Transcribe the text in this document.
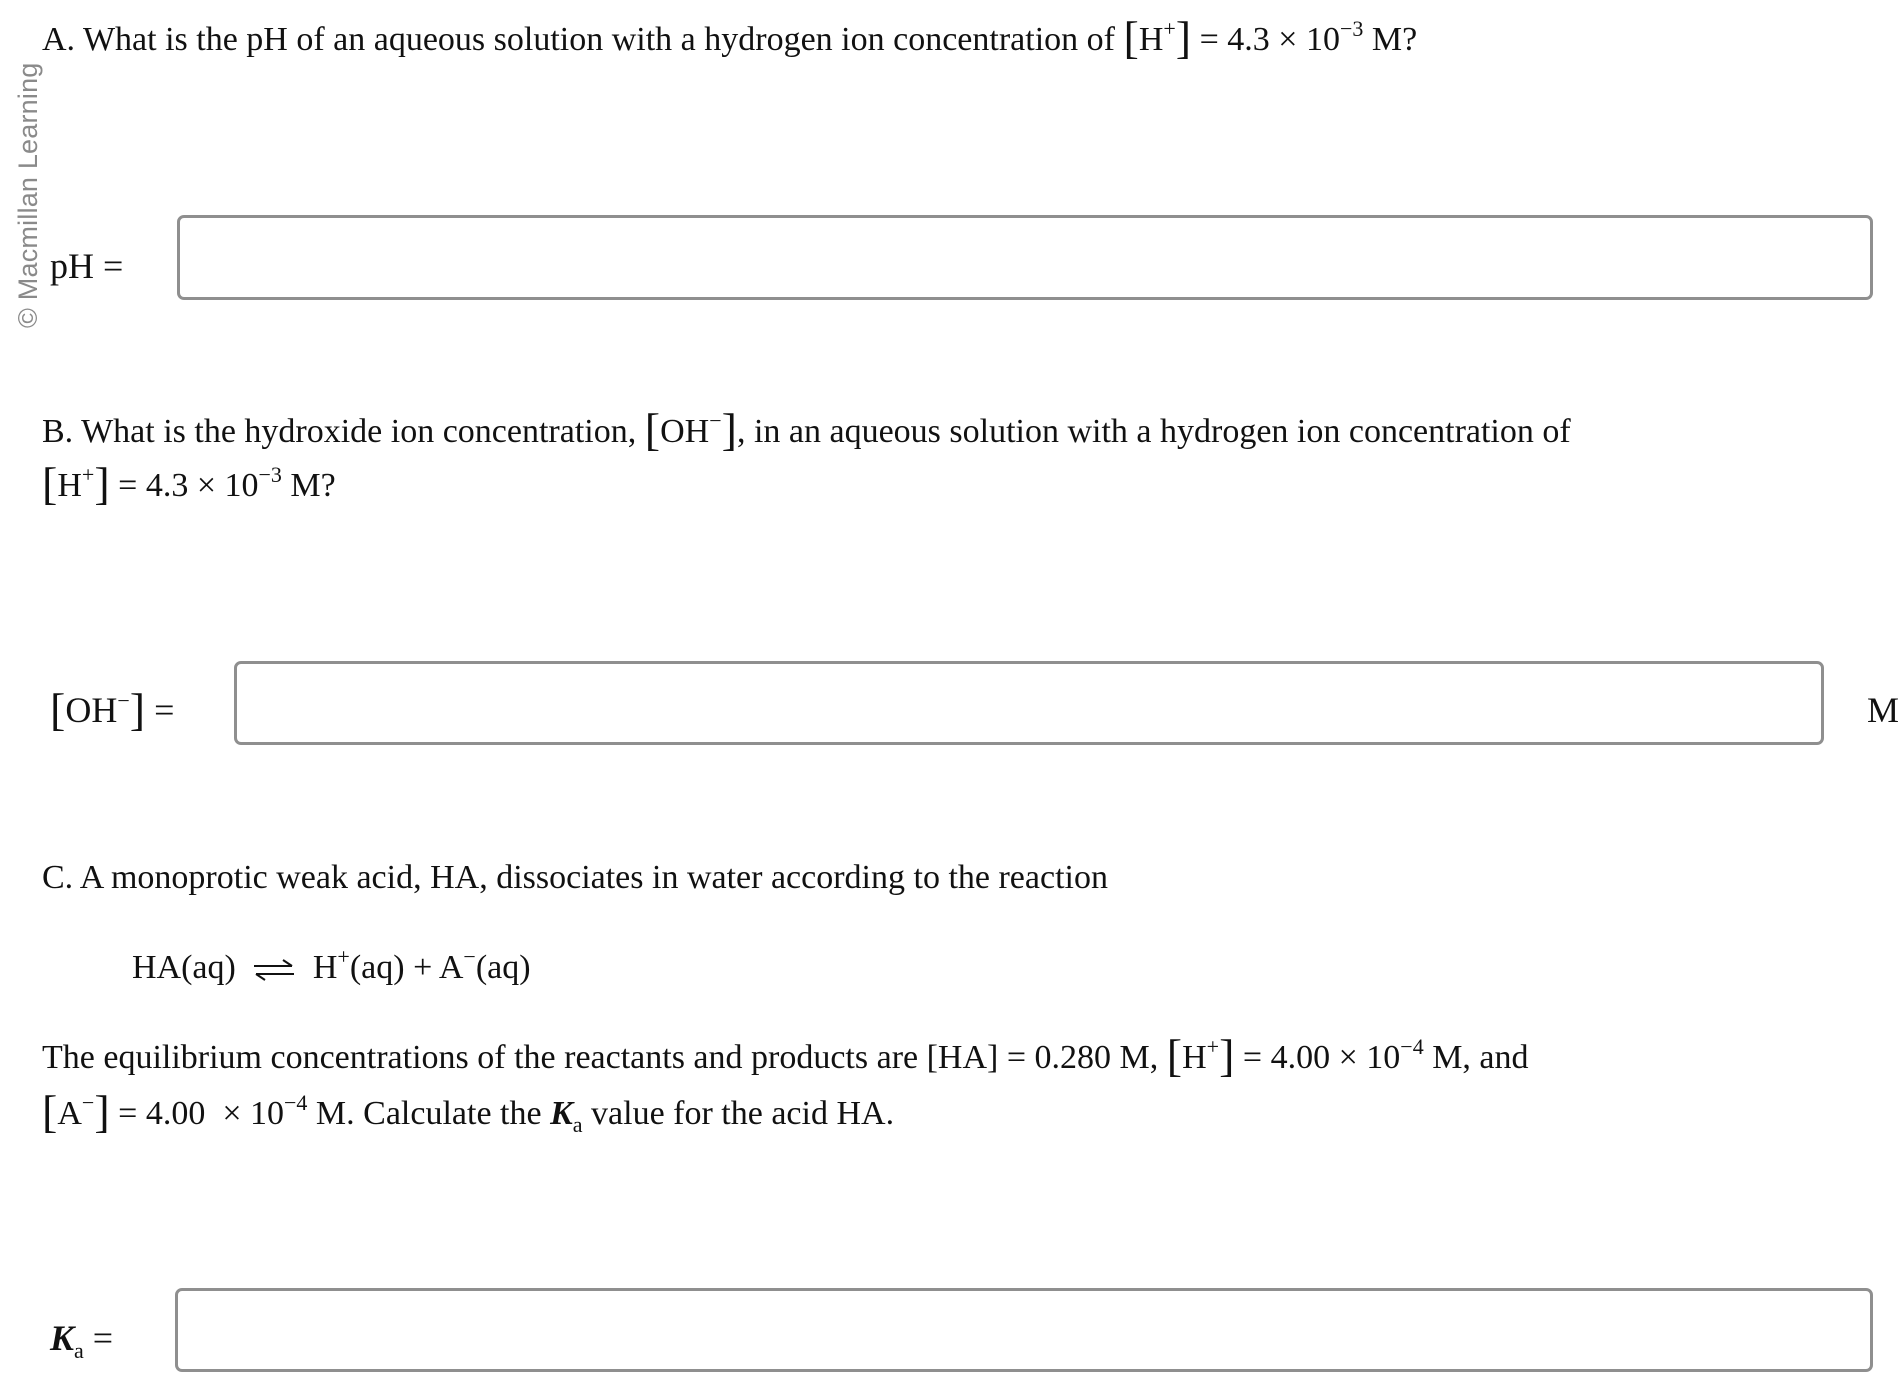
© Macmillan Learning
A. What is the pH of an aqueous solution with a hydrogen ion concentration of $[H^+] = 4.3 \times 10^{-3}$ M?
pH =
B. What is the hydroxide ion concentration, [OH−], in an aqueous solution with a hydrogen ion concentration of
$[H^+] = 4.3 \times 10^{-3}$ M?
[OH−] =	M
C. A monoprotic weak acid, HA, dissociates in water according to the reaction
HA(aq) ⇌ H+(aq) + A−(aq)
The equilibrium concentrations of the reactants and products are [HA] = 0.280 M, $[H^+] = 4.00 \times 10^{-4}$ M, and
$[A^-] = 4.00 \times 10^{-4}$ M. Calculate the $K_a$ value for the acid HA.
$K_a$ =
